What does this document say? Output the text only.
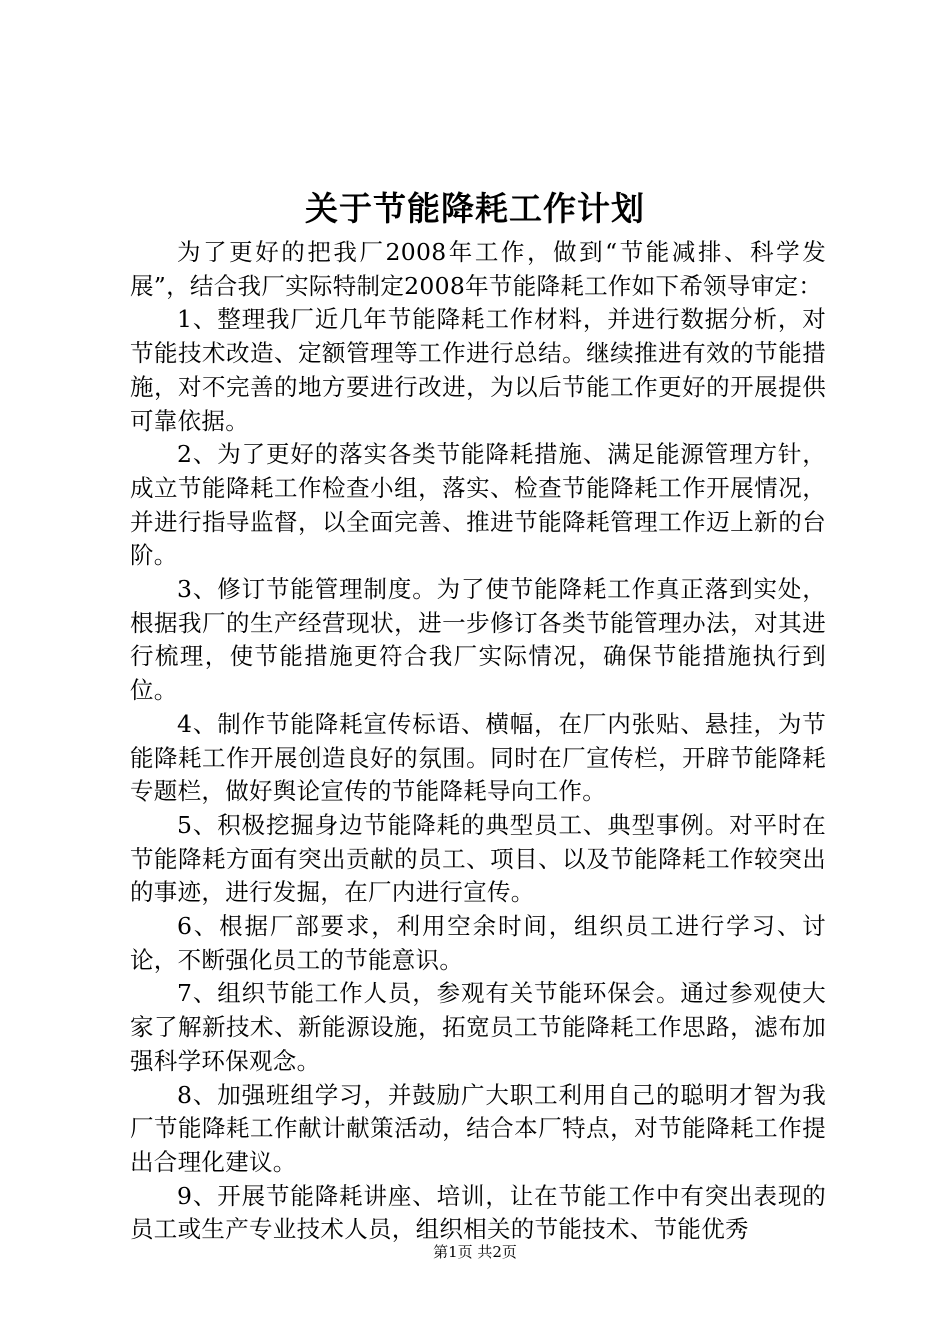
关于节能降耗工作计划

为了更好的把我厂2008年工作，做到“节能减排、科学发展”，结合我厂实际特制定2008年节能降耗工作如下希领导审定：

1、整理我厂近几年节能降耗工作材料，并进行数据分析，对节能技术改造、定额管理等工作进行总结。继续推进有效的节能措施，对不完善的地方要进行改进，为以后节能工作更好的开展提供可靠依据。

2、为了更好的落实各类节能降耗措施、满足能源管理方针，成立节能降耗工作检查小组，落实、检查节能降耗工作开展情况，并进行指导监督，以全面完善、推进节能降耗管理工作迈上新的台阶。

3、修订节能管理制度。为了使节能降耗工作真正落到实处，根据我厂的生产经营现状，进一步修订各类节能管理办法，对其进行梳理，使节能措施更符合我厂实际情况，确保节能措施执行到位。

4、制作节能降耗宣传标语、横幅，在厂内张贴、悬挂，为节能降耗工作开展创造良好的氛围。同时在厂宣传栏，开辟节能降耗专题栏，做好舆论宣传的节能降耗导向工作。

5、积极挖掘身边节能降耗的典型员工、典型事例。对平时在节能降耗方面有突出贡献的员工、项目、以及节能降耗工作较突出的事迹，进行发掘，在厂内进行宣传。

6、根据厂部要求，利用空余时间，组织员工进行学习、讨论，不断强化员工的节能意识。

7、组织节能工作人员，参观有关节能环保会。通过参观使大家了解新技术、新能源设施，拓宽员工节能降耗工作思路，滤布加强科学环保观念。

8、加强班组学习，并鼓励广大职工利用自己的聪明才智为我厂节能降耗工作献计献策活动，结合本厂特点，对节能降耗工作提出合理化建议。

9、开展节能降耗讲座、培训，让在节能工作中有突出表现的员工或生产专业技术人员，组织相关的节能技术、节能优秀

第1页 共2页
